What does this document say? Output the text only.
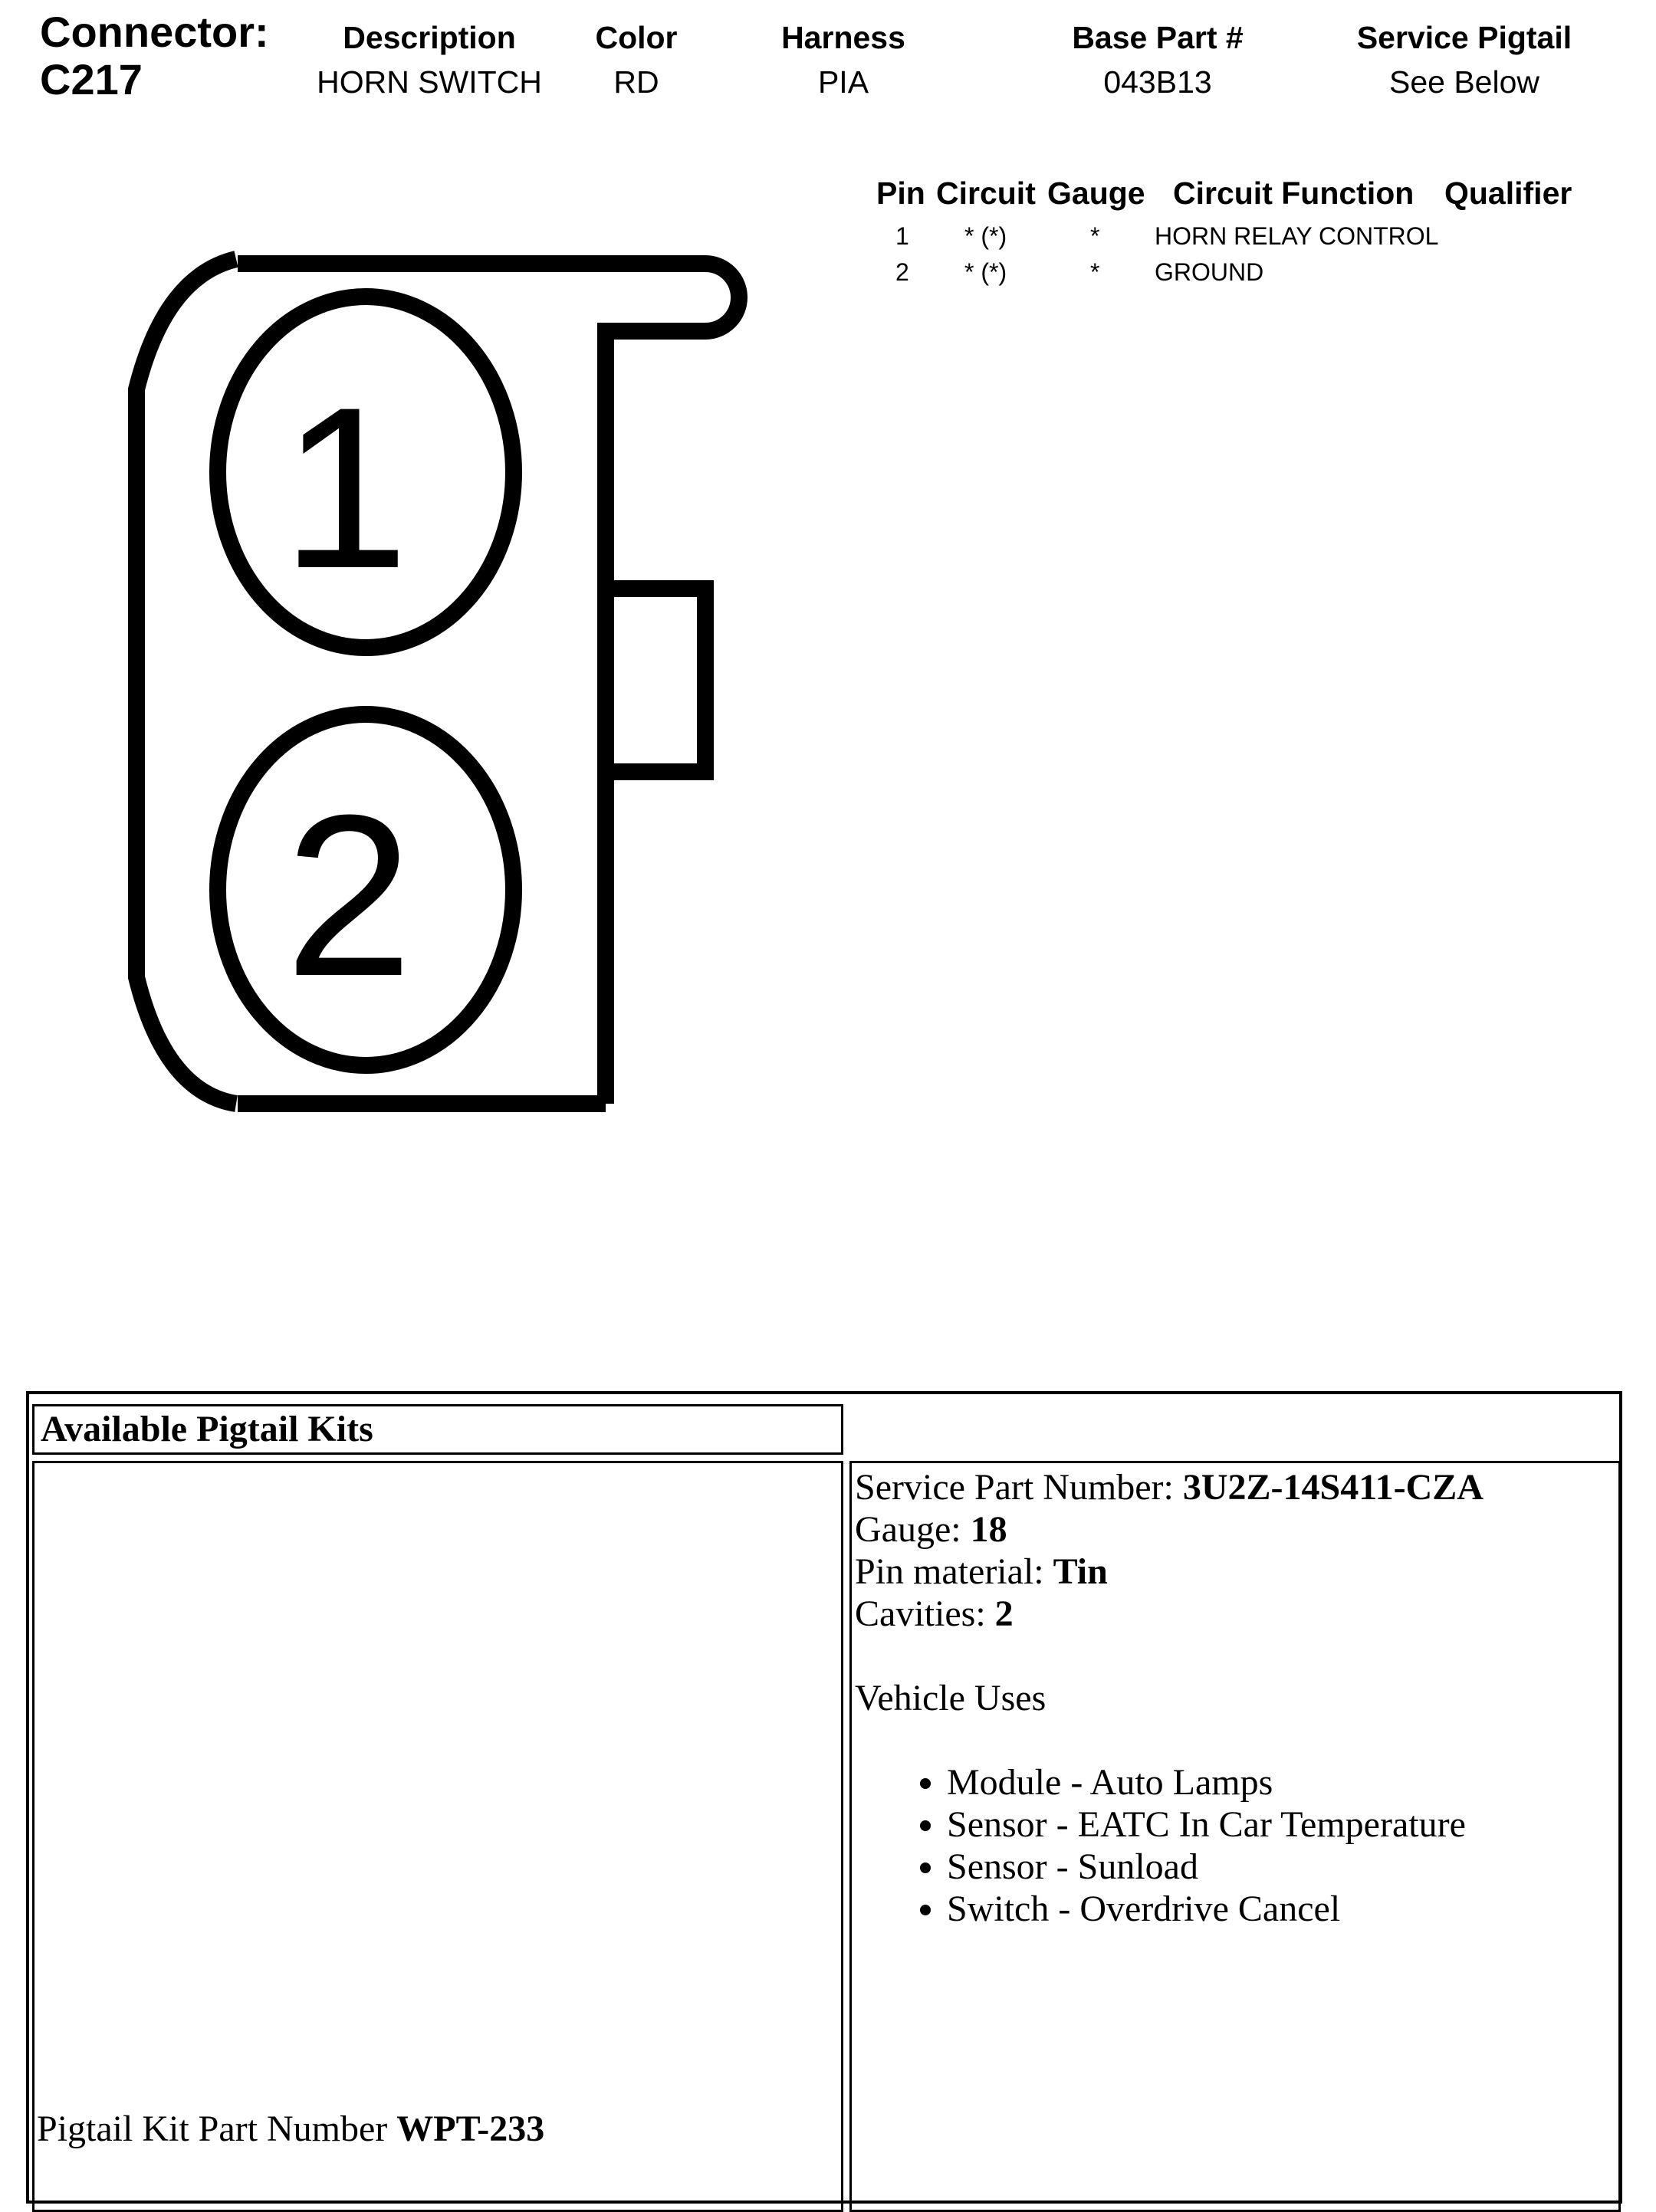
Connector:
C217
Description
HORN SWITCH
Color
RD
Harness
PIA
Base Part #
043B13
Service Pigtail
See Below
Pin Circuit Gauge Circuit Function Qualifier
1 * (*)	* HORN RELAY CONTROL
2 * (*)	* GROUND
1
2
Available Pigtail Kits

Service Part Number: 3U2Z-14S411-CZA

Gauge: 18

Pin material: Tin

Cavities: 2

Vehicle Uses

• Module - Auto Lamps
• Sensor - EATC In Car Temperature
• Sensor - Sunload
• Switch - Overdrive Cancel
Pigtail Kit Part Number WPT-233
